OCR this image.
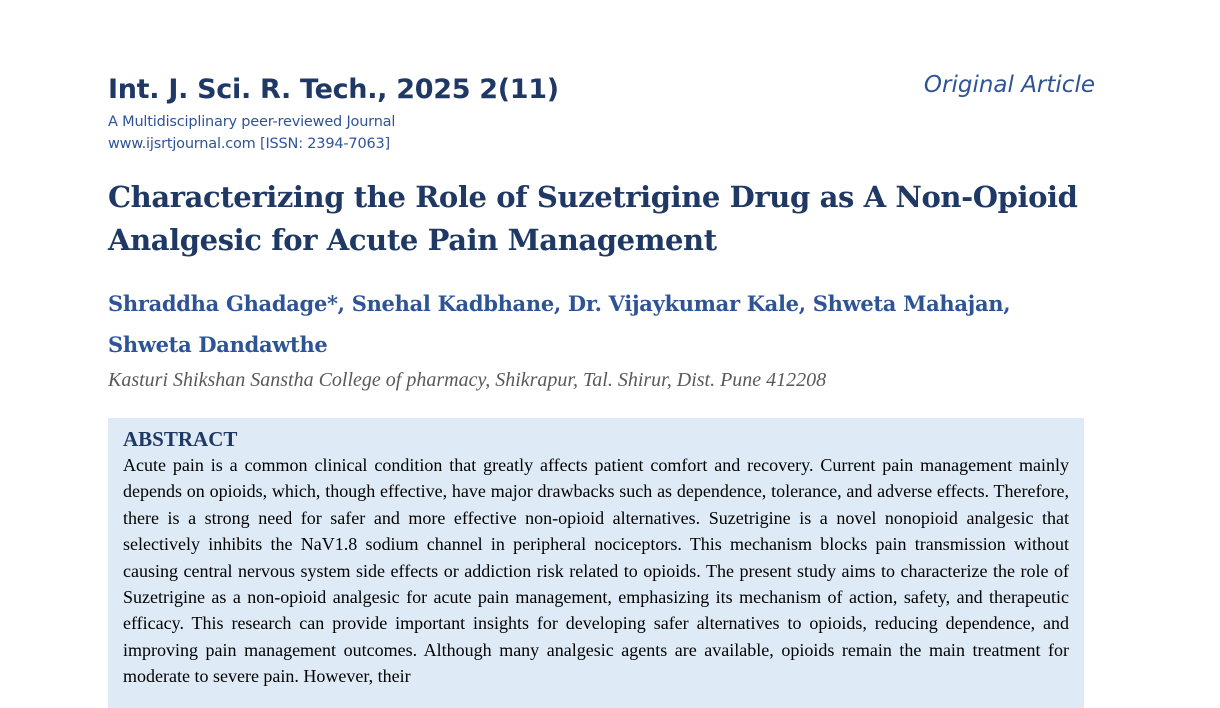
Int. J. Sci. R. Tech., 2025 2(11)	Original Article
A Multidisciplinary peer-reviewed Journal
www.ijsrtjournal.com [ISSN: 2394-7063]
Characterizing the Role of Suzetrigine Drug as A Non-Opioid Analgesic for Acute Pain Management
Shraddha Ghadage*, Snehal Kadbhane, Dr. Vijaykumar Kale, Shweta Mahajan, Shweta Dandawthe
Kasturi Shikshan Sanstha College of pharmacy, Shikrapur, Tal. Shirur, Dist. Pune 412208
ABSTRACT

Acute pain is a common clinical condition that greatly affects patient comfort and recovery. Current pain management mainly depends on opioids, which, though effective, have major drawbacks such as dependence, tolerance, and adverse effects. Therefore, there is a strong need for safer and more effective non-opioid alternatives. Suzetrigine is a novel nonopioid analgesic that selectively inhibits the NaV1.8 sodium channel in peripheral nociceptors. This mechanism blocks pain transmission without causing central nervous system side effects or addiction risk related to opioids. The present study aims to characterize the role of Suzetrigine as a non-opioid analgesic for acute pain management, emphasizing its mechanism of action, safety, and therapeutic efficacy. This research can provide important insights for developing safer alternatives to opioids, reducing dependence, and improving pain management outcomes. Although many analgesic agents are available, opioids remain the main treatment for moderate to severe pain. However, their
